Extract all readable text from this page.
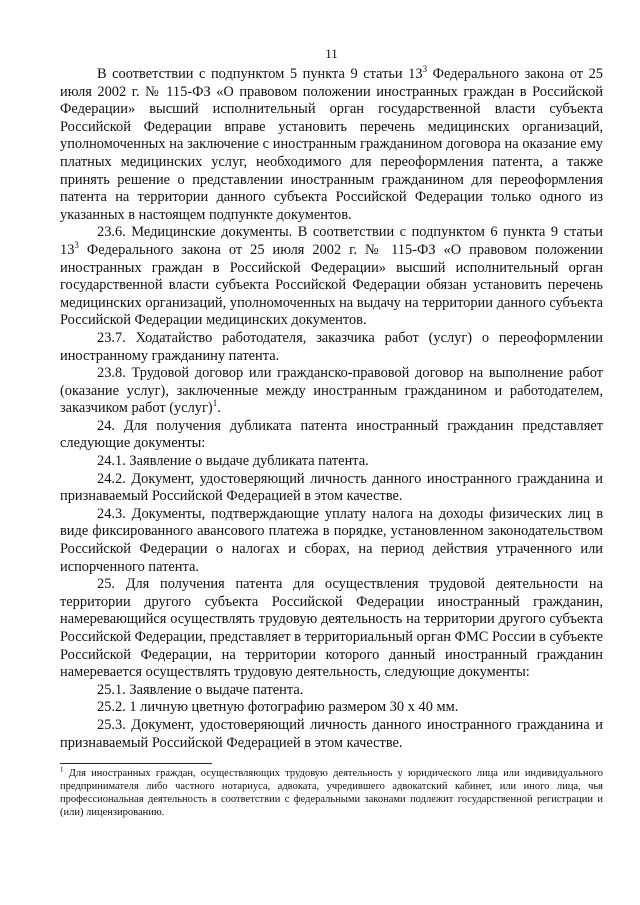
11

В соответствии с подпунктом 5 пункта 9 статьи $13^3$ Федерального закона от 25 июля 2002 г. № 115-ФЗ «О правовом положении иностранных граждан в Российской Федерации» высший исполнительный орган государственной власти субъекта Российской Федерации вправе установить перечень медицинских организаций, уполномоченных на заключение с иностранным гражданином договора на оказание ему платных медицинских услуг, необходимого для переоформления патента, а также принять решение о представлении иностранным гражданином для переоформления патента на территории данного субъекта Российской Федерации только одного из указанных в настоящем подпункте документов.

23.6. Медицинские документы. В соответствии с подпунктом 6 пункта 9 статьи $13^3$ Федерального закона от 25 июля 2002 г. № 115-ФЗ «О правовом положении иностранных граждан в Российской Федерации» высший исполнительный орган государственной власти субъекта Российской Федерации обязан установить перечень медицинских организаций, уполномоченных на выдачу на территории данного субъекта Российской Федерации медицинских документов.

23.7. Ходатайство работодателя, заказчика работ (услуг) о переоформлении иностранному гражданину патента.

23.8. Трудовой договор или гражданско-правовой договор на выполнение работ (оказание услуг), заключенные между иностранным гражданином и работодателем, заказчиком работ (услуг)$^1$.

24. Для получения дубликата патента иностранный гражданин представляет следующие документы:

24.1. Заявление о выдаче дубликата патента.

24.2. Документ, удостоверяющий личность данного иностранного гражданина и признаваемый Российской Федерацией в этом качестве.

24.3. Документы, подтверждающие уплату налога на доходы физических лиц в виде фиксированного авансового платежа в порядке, установленном законодательством Российской Федерации о налогах и сборах, на период действия утраченного или испорченного патента.

25. Для получения патента для осуществления трудовой деятельности на территории другого субъекта Российской Федерации иностранный гражданин, намеревающийся осуществлять трудовую деятельность на территории другого субъекта Российской Федерации, представляет в территориальный орган ФМС России в субъекте Российской Федерации, на территории которого данный иностранный гражданин намеревается осуществлять трудовую деятельность, следующие документы:

25.1. Заявление о выдаче патента.

25.2. 1 личную цветную фотографию размером 30 х 40 мм.

25.3. Документ, удостоверяющий личность данного иностранного гражданина и признаваемый Российской Федерацией в этом качестве.

$^1$ Для иностранных граждан, осуществляющих трудовую деятельность у юридического лица или индивидуального предпринимателя либо частного нотариуса, адвоката, учредившего адвокатский кабинет, или иного лица, чья профессиональная деятельность в соответствии с федеральными законами подлежит государственной регистрации и (или) лицензированию.
